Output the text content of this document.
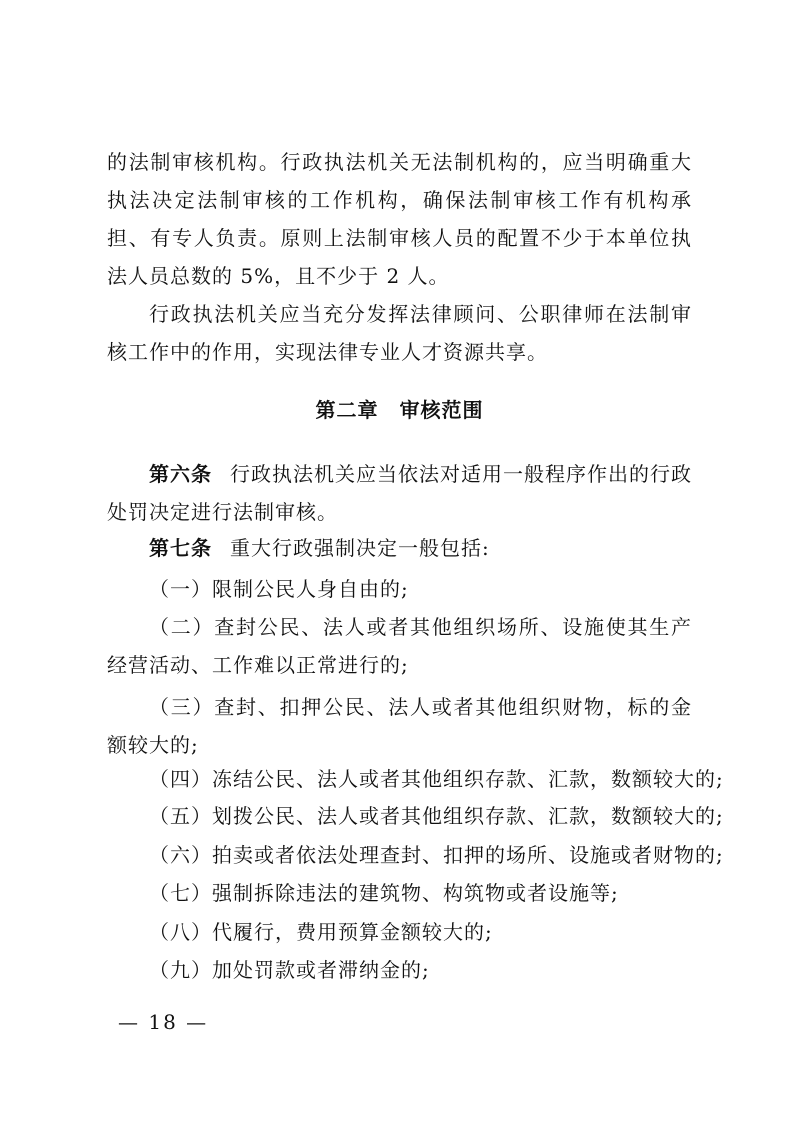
的法制审核机构。行政执法机关无法制机构的，应当明确重大执法决定法制审核的工作机构，确保法制审核工作有机构承担、有专人负责。原则上法制审核人员的配置不少于本单位执法人员总数的 5%，且不少于 2 人。

行政执法机关应当充分发挥法律顾问、公职律师在法制审核工作中的作用，实现法律专业人才资源共享。

第二章　审核范围

第六条 行政执法机关应当依法对适用一般程序作出的行政处罚决定进行法制审核。

第七条 重大行政强制决定一般包括:

（一）限制公民人身自由的;

（二）查封公民、法人或者其他组织场所、设施使其生产经营活动、工作难以正常进行的;

（三）查封、扣押公民、法人或者其他组织财物，标的金额较大的;

（四）冻结公民、法人或者其他组织存款、汇款，数额较大的;

（五）划拨公民、法人或者其他组织存款、汇款，数额较大的;

（六）拍卖或者依法处理查封、扣押的场所、设施或者财物的;

（七）强制拆除违法的建筑物、构筑物或者设施等;

（八）代履行，费用预算金额较大的;

（九）加处罚款或者滞纳金的;

— 18 —
